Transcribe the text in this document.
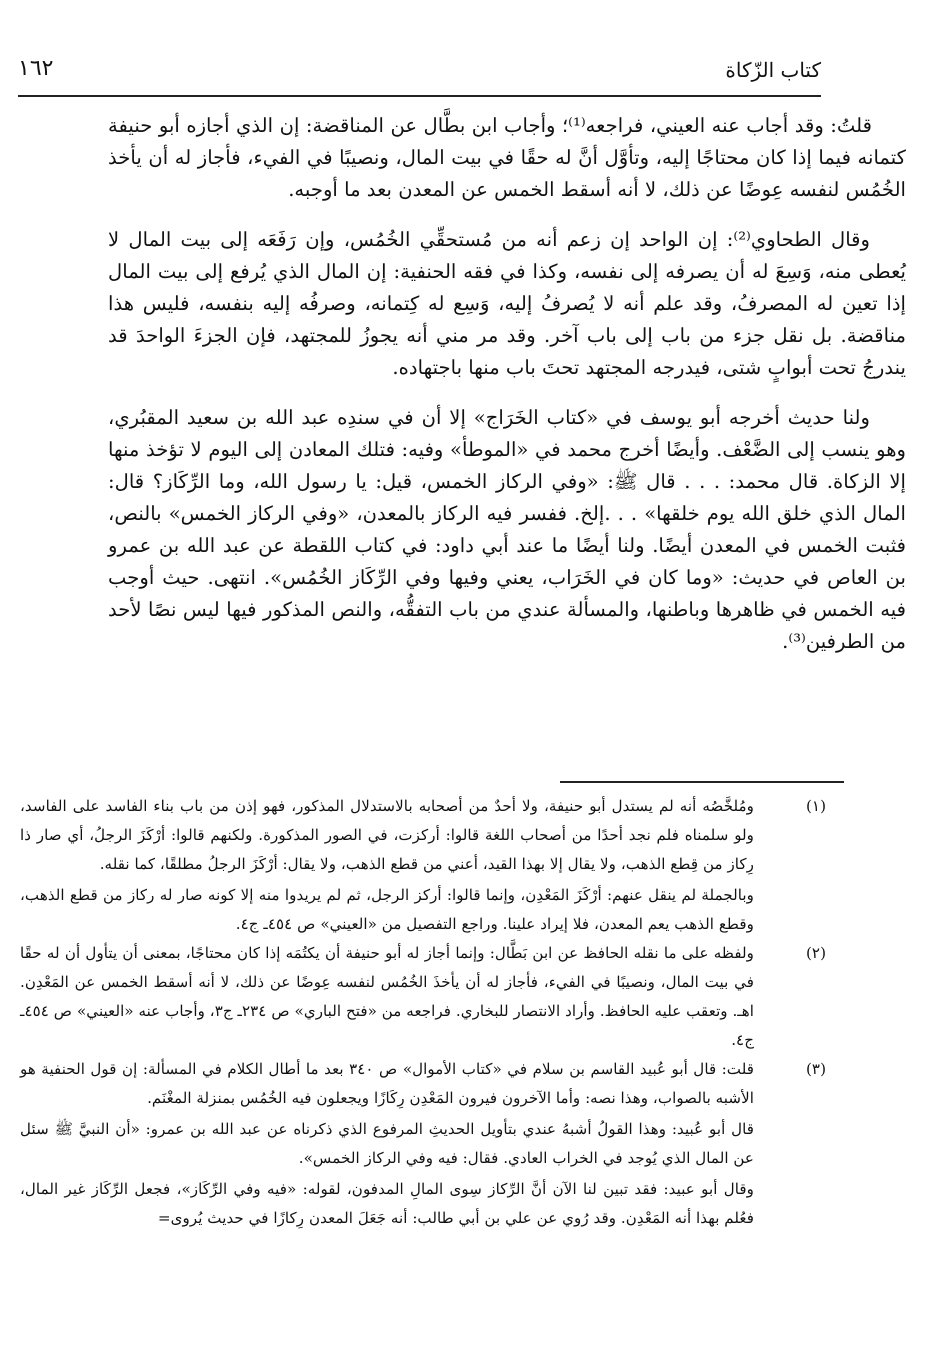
كتاب الزّكاة
١٦٢

قلتُ: وقد أجاب عنه العيني، فراجعه⁽¹⁾؛ وأجاب ابن بطَّال عن المناقضة: إن الذي أجازه أبو حنيفة كتمانه فيما إذا كان محتاجًا إليه، وتأوَّل أنَّ له حقًا في بيت المال، ونصيبًا في الفيء، فأجاز له أن يأخذ الخُمُس لنفسه عِوضًا عن ذلك، لا أنه أسقط الخمس عن المعدن بعد ما أوجبه.

وقال الطحاوي⁽²⁾: إن الواحد إن زعم أنه من مُستحقِّي الخُمُس، وإن رَفَعَه إلى بيت المال لا يُعطى منه، وَسِعَ له أن يصرفه إلى نفسه، وكذا في فقه الحنفية: إن المال الذي يُرفع إلى بيت المال إذا تعين له المصرفُ، وقد علم أنه لا يُصرفُ إليه، وَسِع له كِتمانه، وصرفُه إليه بنفسه، فليس هذا مناقضة. بل نقل جزء من باب إلى باب آخر. وقد مر مني أنه يجوزُ للمجتهد، فإن الجزءَ الواحدَ قد يندرجُ تحت أبوابٍ شتى، فيدرجه المجتهد تحتَ باب منها باجتهاده.

ولنا حديث أخرجه أبو يوسف في «كتاب الخَرَاج» إلا أن في سندِه عبد الله بن سعيد المقبُري، وهو ينسب إلى الضَّعْف. وأيضًا أخرج محمد في «الموطأ» وفيه: فتلك المعادن إلى اليوم لا تؤخذ منها إلا الزكاة. قال محمد: . . . قال ﷺ: «وفي الركاز الخمس، قيل: يا رسول الله، وما الرِّكَاز؟ قال: المال الذي خلق الله يوم خلقها» . . .إلخ. ففسر فيه الركاز بالمعدن، «وفي الركاز الخمس» بالنص، فثبت الخمس في المعدن أيضًا. ولنا أيضًا ما عند أبي داود: في كتاب اللقطة عن عبد الله بن عمرو بن العاص في حديث: «وما كان في الخَرَاب، يعني وفيها وفي الرِّكَاز الخُمُس». انتهى. حيث أوجب فيه الخمس في ظاهرها وباطنها، والمسألة عندي من باب التفقُّه، والنص المذكور فيها ليس نصًا لأحد من الطرفين⁽³⁾.

(١)

ومُلخَّصُه أنه لم يستدل أبو حنيفة، ولا أحدٌ من أصحابه بالاستدلال المذكور، فهو إذن من باب بناء الفاسد على الفاسد، ولو سلمناه فلم نجد أحدًا من أصحاب اللغة قالوا: أركزت، في الصور المذكورة. ولكنهم قالوا: أرْكَزَ الرجلُ، أي صار ذا رِكاز من قِطع الذهب، ولا يقال إلا بهذا القيد، أعني من قطع الذهب، ولا يقال: أرْكَزَ الرجلُ مطلقًا، كما نقله.

وبالجملة لم ينقل عنهم: أرْكَزَ المَعْدِن، وإنما قالوا: أركز الرجل، ثم لم يريدوا منه إلا كونه صار له ركاز من قطع الذهب، وقطع الذهب يعم المعدن، فلا إيراد علينا. وراجع التفصيل من «العيني» ص ٤٥٤ـ ج٤.

(٢)

ولفظه على ما نقله الحافظ عن ابن بَطَّال: وإنما أجاز له أبو حنيفة أن يكتُمَه إذا كان محتاجًا، بمعنى أن يتأول أن له حقًا في بيت المال، ونصيبًا في الفيء، فأجاز له أن يأخذَ الخُمُس لنفسه عِوضًا عن ذلك، لا أنه أسقط الخمس عن المَعْدِن. اهـ. وتعقب عليه الحافظ. وأراد الانتصار للبخاري. فراجعه من «فتح الباري» ص ٢٣٤ـ ج٣، وأجاب عنه «العيني» ص ٤٥٤ـ ج٤.

(٣)

قلت: قال أبو عُبيد القاسم بن سلام في «كتاب الأموال» ص ٣٤٠ بعد ما أطال الكلام في المسألة: إن قول الحنفية هو الأشبه بالصواب، وهذا نصه: وأما الآخرون فيرون المَعْدِن رِكَازًا ويجعلون فيه الخُمُس بمنزلة المغْنَم.

قال أبو عُبيد: وهذا القولُ أشبهُ عندي بتأويل الحديثِ المرفوع الذي ذكرناه عن عبد الله بن عمرو: «أن النبيَّ ﷺ سئل عن المال الذي يُوجد في الخراب العادي. فقال: فيه وفي الركاز الخمس».

وقال أبو عبيد: فقد تبين لنا الآن أنَّ الرِّكاز سِوى المالِ المدفون، لقوله: «فيه وفي الرِّكَاز»، فجعل الرِّكَاز غير المال، فعُلم بهذا أنه المَعْدِن. وقد رُوي عن علي بن أبي طالب: أنه جَعَلَ المعدن رِكازًا في حديث يُروى=
